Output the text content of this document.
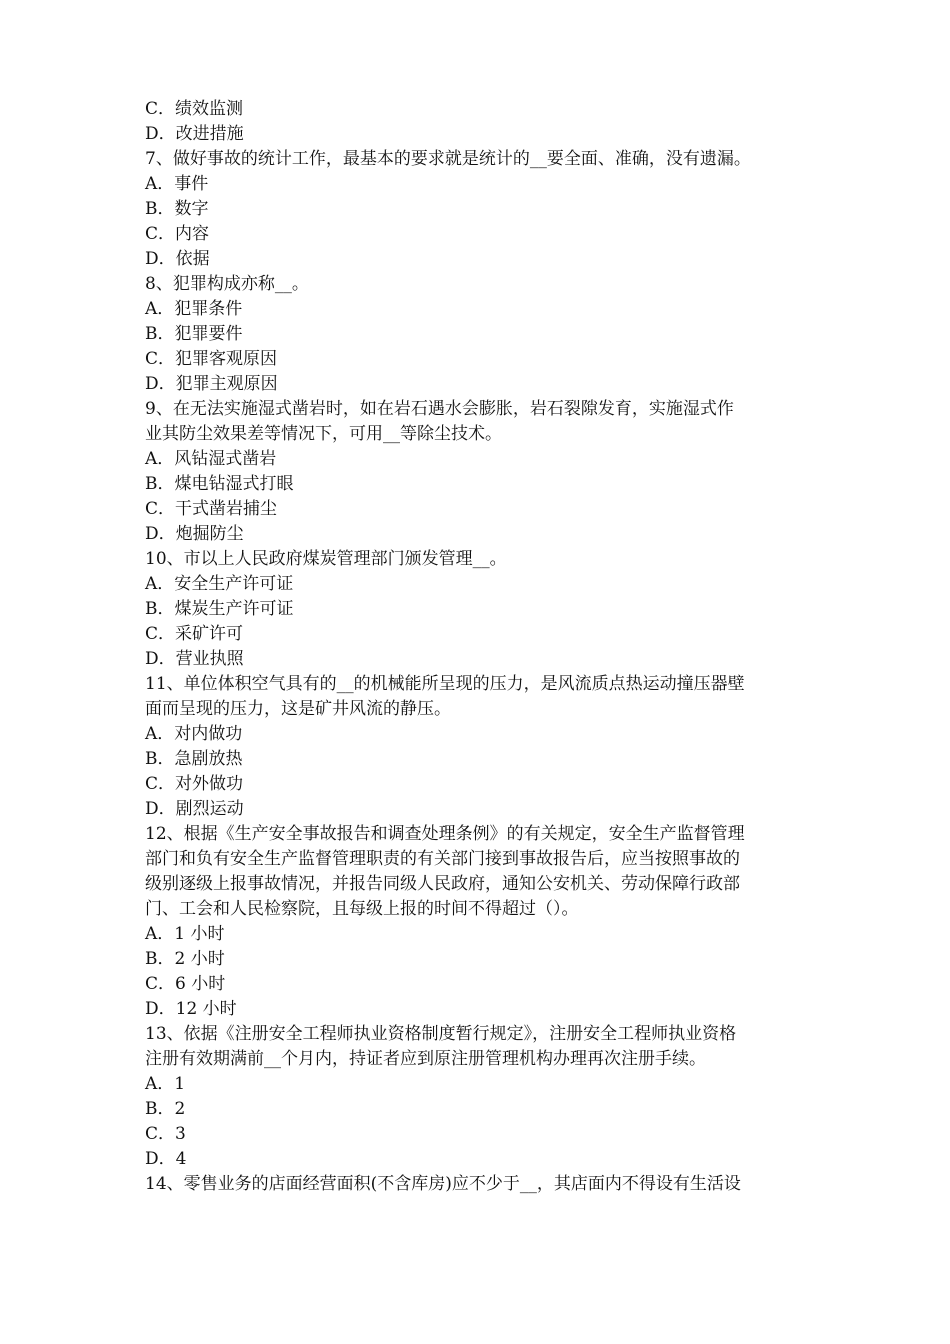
C．绩效监测
D．改进措施
7、做好事故的统计工作，最基本的要求就是统计的__要全面、准确，没有遗漏。
A．事件
B．数字
C．内容
D．依据
8、犯罪构成亦称__。
A．犯罪条件
B．犯罪要件
C．犯罪客观原因
D．犯罪主观原因
9、在无法实施湿式凿岩时，如在岩石遇水会膨胀，岩石裂隙发育，实施湿式作
业其防尘效果差等情况下，可用__等除尘技术。
A．风钻湿式凿岩
B．煤电钻湿式打眼
C．干式凿岩捕尘
D．炮掘防尘
10、市以上人民政府煤炭管理部门颁发管理__。
A．安全生产许可证
B．煤炭生产许可证
C．采矿许可
D．营业执照
11、单位体积空气具有的__的机械能所呈现的压力，是风流质点热运动撞压器壁
面而呈现的压力，这是矿井风流的静压。
A．对内做功
B．急剧放热
C．对外做功
D．剧烈运动
12、根据《生产安全事故报告和调查处理条例》的有关规定，安全生产监督管理
部门和负有安全生产监督管理职责的有关部门接到事故报告后，应当按照事故的
级别逐级上报事故情况，并报告同级人民政府，通知公安机关、劳动保障行政部
门、工会和人民检察院，且每级上报的时间不得超过（）。
A．1 小时
B．2 小时
C．6 小时
D．12 小时
13、依据《注册安全工程师执业资格制度暂行规定》，注册安全工程师执业资格
注册有效期满前__个月内，持证者应到原注册管理机构办理再次注册手续。
A．1
B．2
C．3
D．4
14、零售业务的店面经营面积(不含库房)应不少于__，其店面内不得设有生活设
